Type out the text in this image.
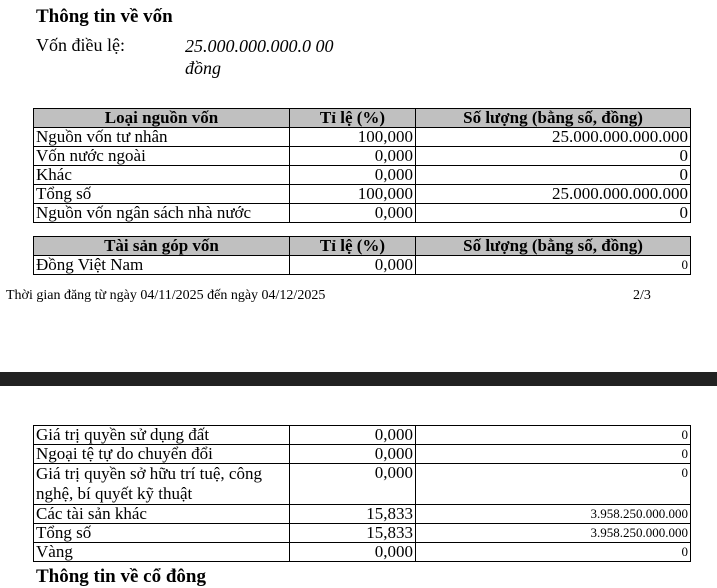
Thông tin về vốn
Vốn điều lệ:	25.000.000.000.0 00 đồng
Loại nguồn vốn	Tỉ lệ (%)	Số lượng (bằng số, đồng)
Nguồn vốn tư nhân	100,000	25.000.000.000.000
Vốn nước ngoài	0,000	0
Khác	0,000	0
Tổng số	100,000	25.000.000.000.000
Nguồn vốn ngân sách nhà nước	0,000	0
Tài sản góp vốn	Tỉ lệ (%)	Số lượng (bằng số, đồng)
Đồng Việt Nam	0,000	0
Thời gian đăng từ ngày 04/11/2025 đến ngày 04/12/2025	2/3
Giá trị quyền sử dụng đất	0,000	0
Ngoại tệ tự do chuyển đổi	0,000	0
Giá trị quyền sở hữu trí tuệ, công nghệ, bí quyết kỹ thuật	0,000	0
Các tài sản khác	15,833	3.958.250.000.000
Tổng số	15,833	3.958.250.000.000
Vàng	0,000	0
Thông tin về cổ đông
